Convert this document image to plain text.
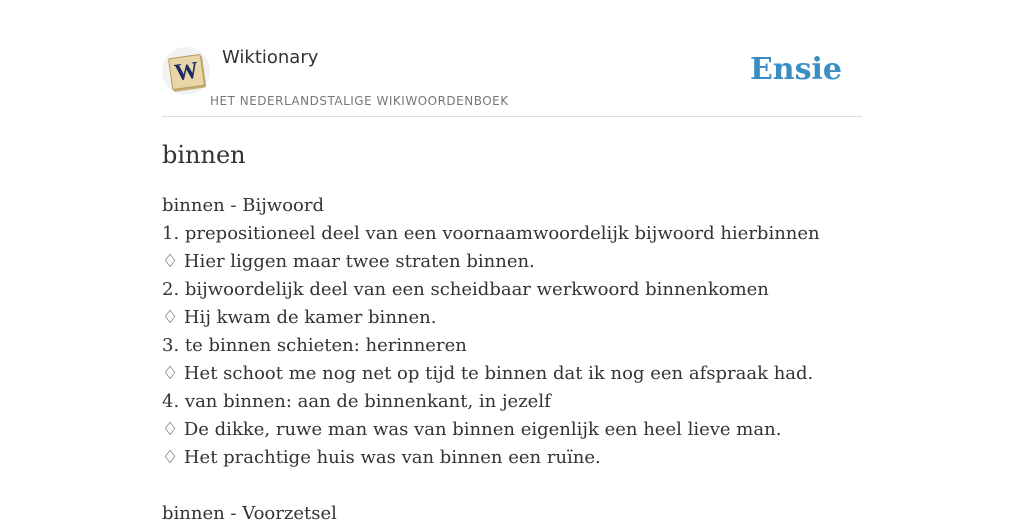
W Wiktionary
HET NEDERLANDSTALIGE WIKIWOORDENBOEK
Ensie
binnen
binnen - Bijwoord
1. prepositioneel deel van een voornaamwoordelijk bijwoord hierbinnen
♢ Hier liggen maar twee straten binnen.
2. bijwoordelijk deel van een scheidbaar werkwoord binnenkomen
♢ Hij kwam de kamer binnen.
3. te binnen schieten: herinneren
♢ Het schoot me nog net op tijd te binnen dat ik nog een afspraak had.
4. van binnen: aan de binnenkant, in jezelf
♢ De dikke, ruwe man was van binnen eigenlijk een heel lieve man.
♢ Het prachtige huis was van binnen een ruïne.
binnen - Voorzetsel
